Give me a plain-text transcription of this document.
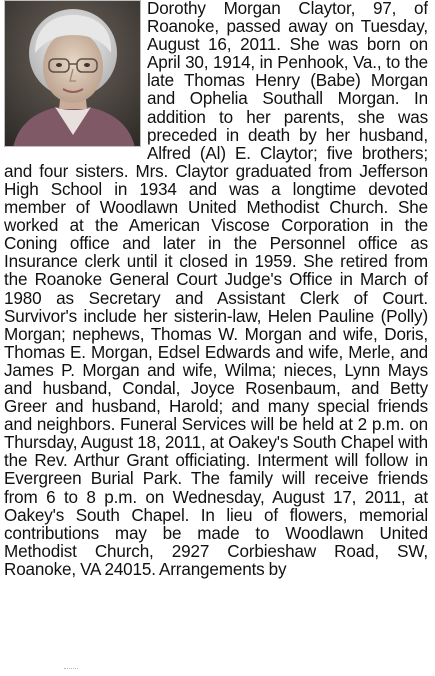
Dorothy Morgan Claytor, 97, of Roanoke, passed away on Tuesday, August 16, 2011. She was born on April 30, 1914, in Penhook, Va., to the late Thomas Henry (Babe) Morgan and Ophelia Southall Morgan. In addition to her parents, she was preceded in death by her husband, Alfred (Al) E. Claytor; five brothers; and four sisters. Mrs. Claytor graduated from Jefferson High School in 1934 and was a longtime devoted member of Woodlawn United Methodist Church. She worked at the American Viscose Corporation in the Coning office and later in the Personnel office as Insurance clerk until it closed in 1959. She retired from the Roanoke General Court Judge's Office in March of 1980 as Secretary and Assistant Clerk of Court. Survivor's include her sisterin-law, Helen Pauline (Polly) Morgan; nephews, Thomas W. Morgan and wife, Doris, Thomas E. Morgan, Edsel Edwards and wife, Merle, and James P. Morgan and wife, Wilma; nieces, Lynn Mays and husband, Condal, Joyce Rosenbaum, and Betty Greer and husband, Harold; and many special friends and neighbors. Funeral Services will be held at 2 p.m. on Thursday, August 18, 2011, at Oakey's South Chapel with the Rev. Arthur Grant officiating. Interment will follow in Evergreen Burial Park. The family will receive friends from 6 to 8 p.m. on Wednesday, August 17, 2011, at Oakey's South Chapel. In lieu of flowers, memorial contributions may be made to Woodlawn United Methodist Church, 2927 Corbieshaw Road, SW, Roanoke, VA 24015. Arrangements by
